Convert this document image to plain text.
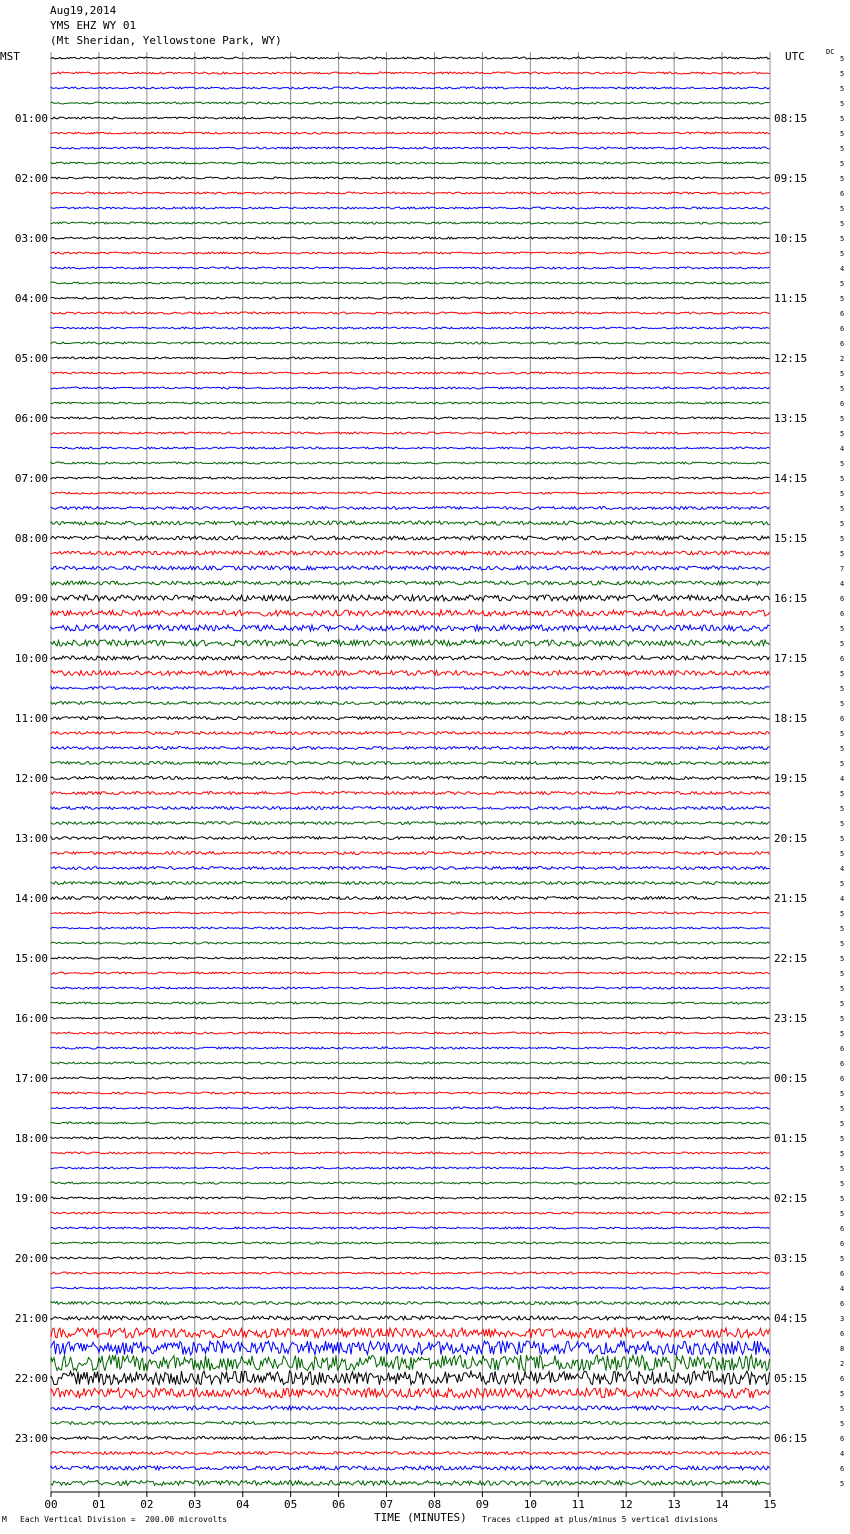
Aug19,2014
YMS EHZ WY 01
(Mt Sheridan, Yellowstone Park, WY)
MST	UTC	DC
00	01	02	03	04	05	06	07	08	09	10	11	12	13	14	15
5
5
5
5
5
5
5
5
5
6
5
5
5
5
4
5
5
6
6
6
2
5
5
6
5
5
4
5
5
5
5
5
5
5
7
4
6
6
5
5
6
5
5
5
6
5
5
5
4
5
5
5
5
5
4
5
4
5
5
5
5
5
5
5
5
5
6
6
6
5
5
5
5
5
5
5
5
5
6
6
5
6
4
6
3
6
8
2
6
5
5
5
6
4
6
5
01:00
02:00
03:00
04:00
05:00
06:00
07:00
08:00
09:00
10:00
11:00
12:00
13:00
14:00
15:00
16:00
17:00
18:00
19:00
20:00
21:00
22:00
23:00
08:15
09:15
10:15
11:15
12:15
13:15
14:15
15:15
16:15
17:15
18:15
19:15
20:15
21:15
22:15
23:15
00:15
01:15
02:15
03:15
04:15
05:15
06:15
M Each Vertical Division =  200.00 microvolts	TIME (MINUTES) Traces clipped at plus/minus 5 vertical divisions
